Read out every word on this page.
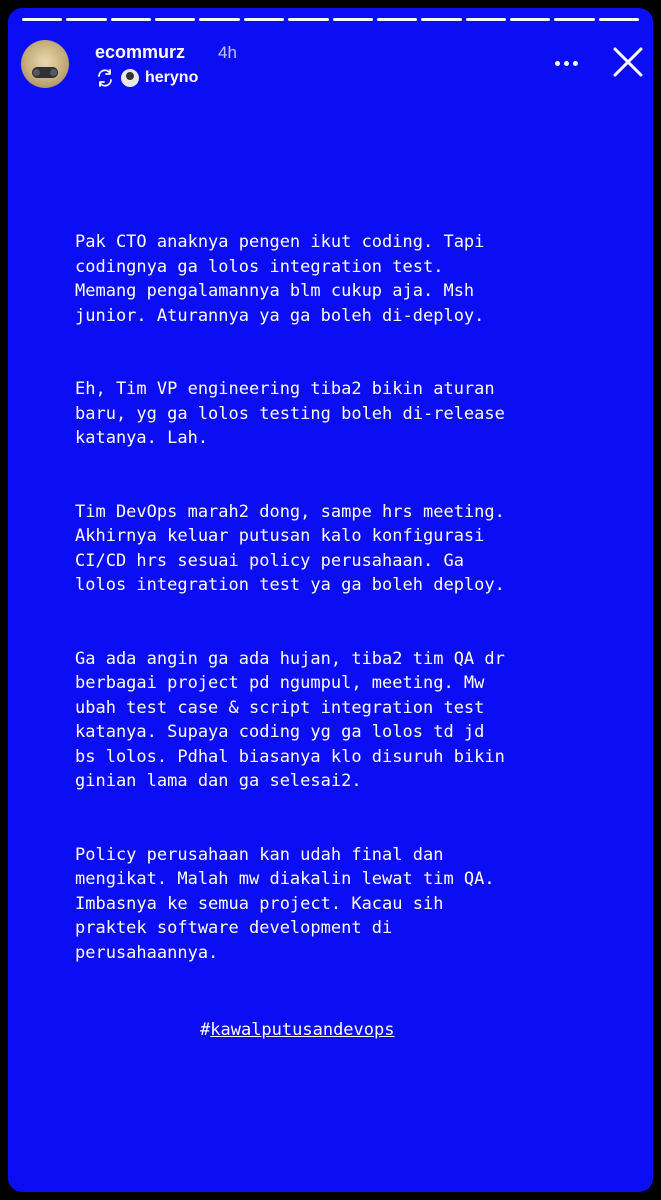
ecommurz 4h
heryno

Pak CTO anaknya pengen ikut coding. Tapi
codingnya ga lolos integration test.
Memang pengalamannya blm cukup aja. Msh
junior. Aturannya ya ga boleh di-deploy.

Eh, Tim VP engineering tiba2 bikin aturan
baru, yg ga lolos testing boleh di-release
katanya. Lah.

Tim DevOps marah2 dong, sampe hrs meeting.
Akhirnya keluar putusan kalo konfigurasi
CI/CD hrs sesuai policy perusahaan. Ga
lolos integration test ya ga boleh deploy.

Ga ada angin ga ada hujan, tiba2 tim QA dr
berbagai project pd ngumpul, meeting. Mw
ubah test case & script integration test
katanya. Supaya coding yg ga lolos td jd
bs lolos. Pdhal biasanya klo disuruh bikin
ginian lama dan ga selesai2.

Policy perusahaan kan udah final dan
mengikat. Malah mw diakalin lewat tim QA.
Imbasnya ke semua project. Kacau sih
praktek software development di
perusahaannya.

#kawalputusandevops
